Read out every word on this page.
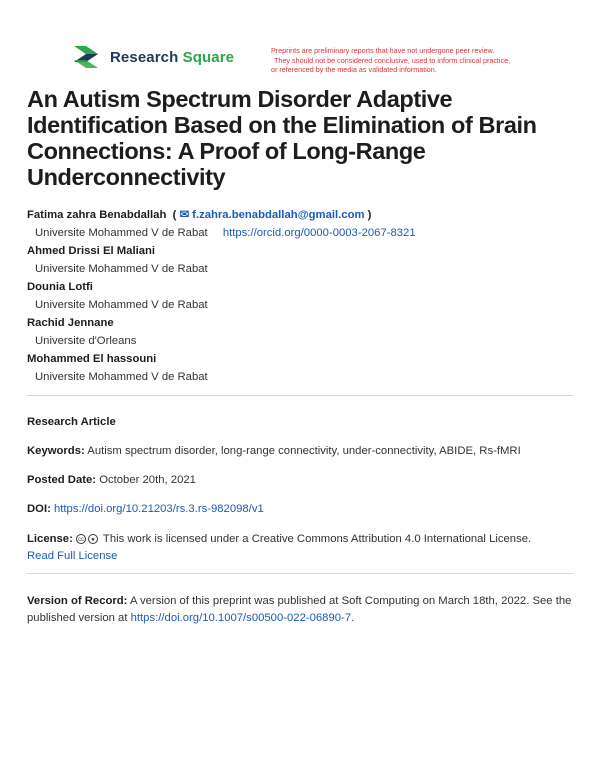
Research Square	Preprints are preliminary reports that have not undergone peer review.
They should not be considered conclusive, used to inform clinical practice,
or referenced by the media as validated information.
An Autism Spectrum Disorder Adaptive Identification Based on the Elimination of Brain Connections: A Proof of Long-Range Underconnectivity
Fatima zahra Benabdallah  ( ✉ f.zahra.benabdallah@gmail.com )
Universite Mohammed V de Rabat https://orcid.org/0000-0003-2067-8321
Ahmed Drissi El Maliani
Universite Mohammed V de Rabat
Dounia Lotfi
Universite Mohammed V de Rabat
Rachid Jennane
Universite d'Orleans
Mohammed El hassouni
Universite Mohammed V de Rabat
Research Article
Keywords: Autism spectrum disorder, long-range connectivity, under-connectivity, ABIDE, Rs-fMRI
Posted Date: October 20th, 2021
DOI: https://doi.org/10.21203/rs.3.rs-982098/v1
License: cc ● This work is licensed under a Creative Commons Attribution 4.0 International License.
Read Full License
Version of Record: A version of this preprint was published at Soft Computing on March 18th, 2022. See the published version at https://doi.org/10.1007/s00500-022-06890-7.
